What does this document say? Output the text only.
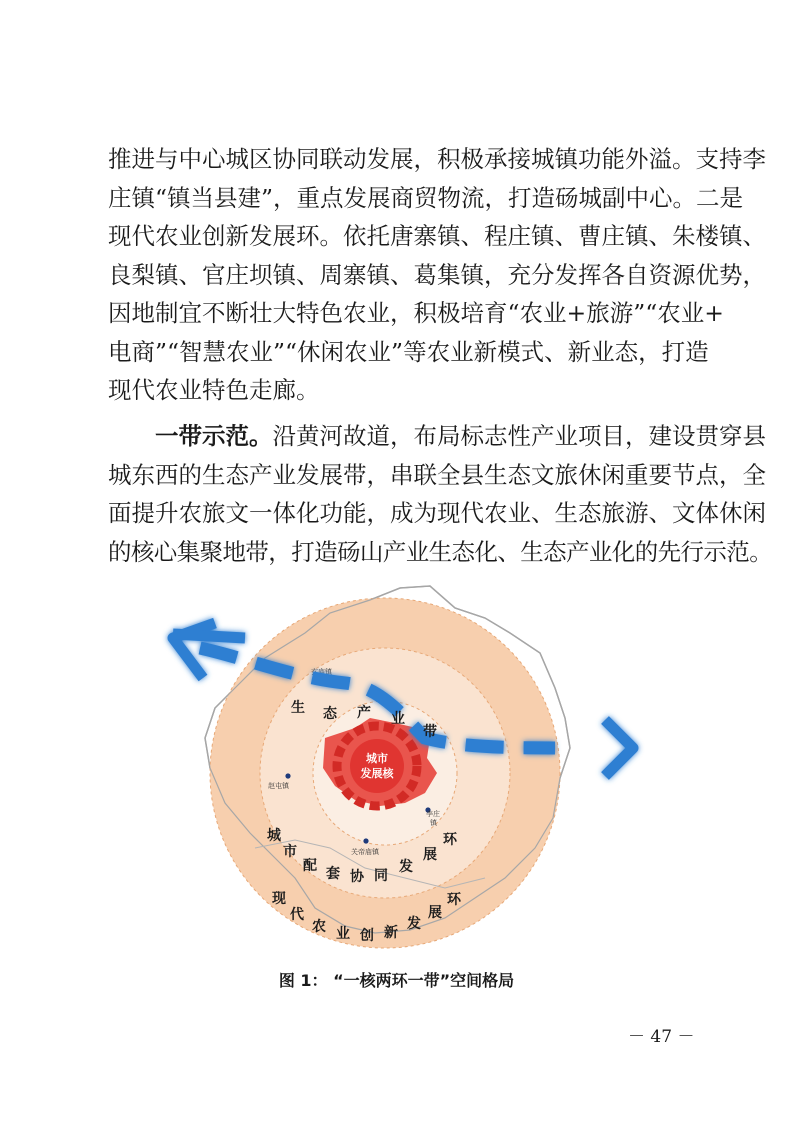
推进与中心城区协同联动发展，积极承接城镇功能外溢。支持李
庄镇“镇当县建”，重点发展商贸物流，打造砀城副中心。二是
现代农业创新发展环。依托唐寨镇、程庄镇、曹庄镇、朱楼镇、
良梨镇、官庄坝镇、周寨镇、葛集镇，充分发挥各自资源优势，
因地制宜不断壮大特色农业，积极培育“农业+旅游”“农业+
电商”“智慧农业”“休闲农业”等农业新模式、新业态，打造
现代农业特色走廊。
一带示范。沿黄河故道，布局标志性产业项目，建设贯穿县
城东西的生态产业发展带，串联全县生态文旅休闲重要节点，全
面提升农旅文一体化功能，成为现代农业、生态旅游、文体休闲
的核心集聚地带，打造砀山产业生态化、生态产业化的先行示范。
城市
发展核
玄庙镇
赵屯镇
李庄
镇
关帝庙镇
生 态 产 业
带
城
市
配 套 协 同
发
展
环
现
代
农 业 创 新
发
展
环
图 1： “一核两环一带”空间格局
－ 47 －
